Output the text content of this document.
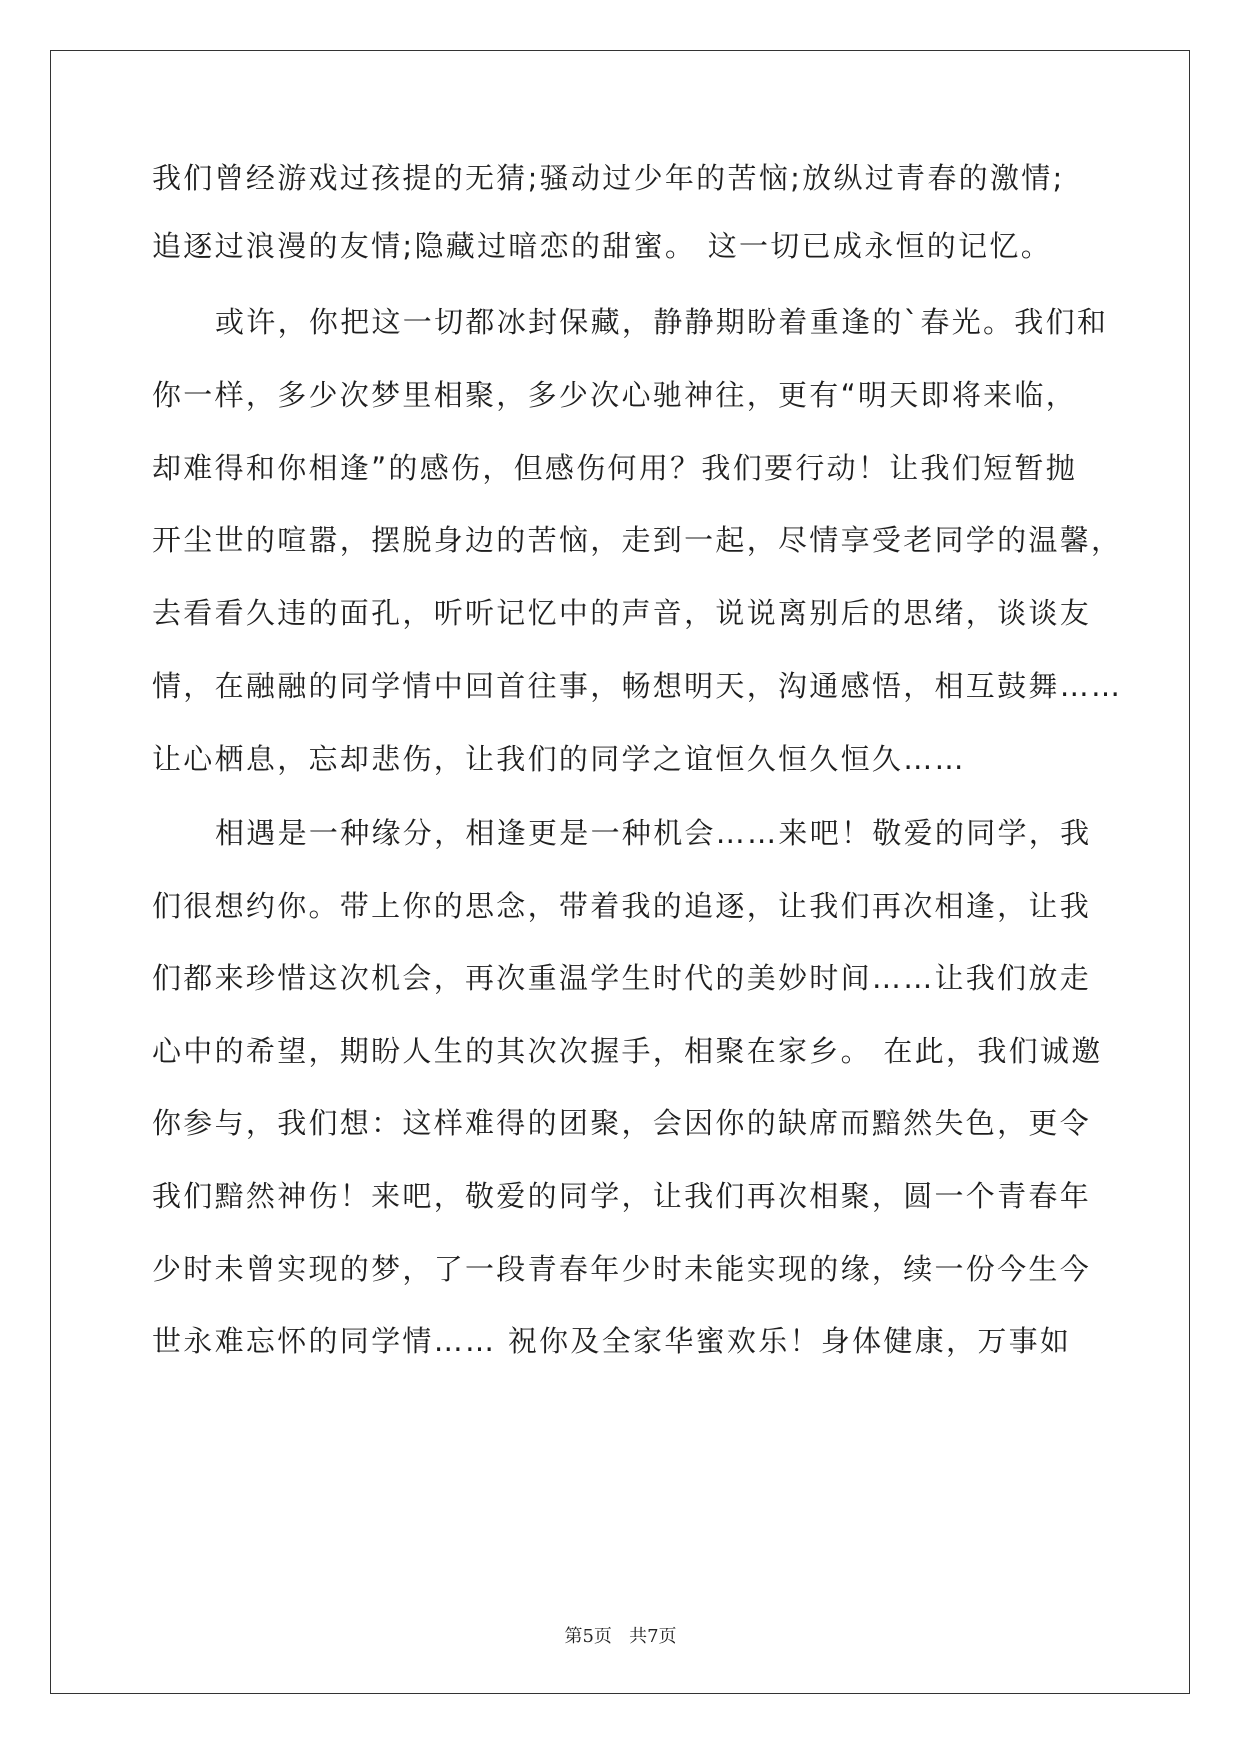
我们曾经游戏过孩提的无猜;骚动过少年的苦恼;放纵过青春的激情;
追逐过浪漫的友情;隐藏过暗恋的甜蜜。 这一切已成永恒的记忆。
或许，你把这一切都冰封保藏，静静期盼着重逢的`春光。我们和
你一样，多少次梦里相聚，多少次心驰神往，更有“明天即将来临，
却难得和你相逢”的感伤，但感伤何用？我们要行动！让我们短暂抛
开尘世的喧嚣，摆脱身边的苦恼，走到一起，尽情享受老同学的温馨，
去看看久违的面孔，听听记忆中的声音，说说离别后的思绪，谈谈友
情，在融融的同学情中回首往事，畅想明天，沟通感悟，相互鼓舞……
让心栖息，忘却悲伤，让我们的同学之谊恒久恒久恒久……
相遇是一种缘分，相逢更是一种机会……来吧！敬爱的同学，我
们很想约你。带上你的思念，带着我的追逐，让我们再次相逢，让我
们都来珍惜这次机会，再次重温学生时代的美妙时间……让我们放走
心中的希望，期盼人生的其次次握手，相聚在家乡。 在此，我们诚邀
你参与，我们想：这样难得的团聚，会因你的缺席而黯然失色，更令
我们黯然神伤！来吧，敬爱的同学，让我们再次相聚，圆一个青春年
少时未曾实现的梦，了一段青春年少时未能实现的缘，续一份今生今
世永难忘怀的同学情…… 祝你及全家华蜜欢乐！身体健康，万事如
第5页   共7页
